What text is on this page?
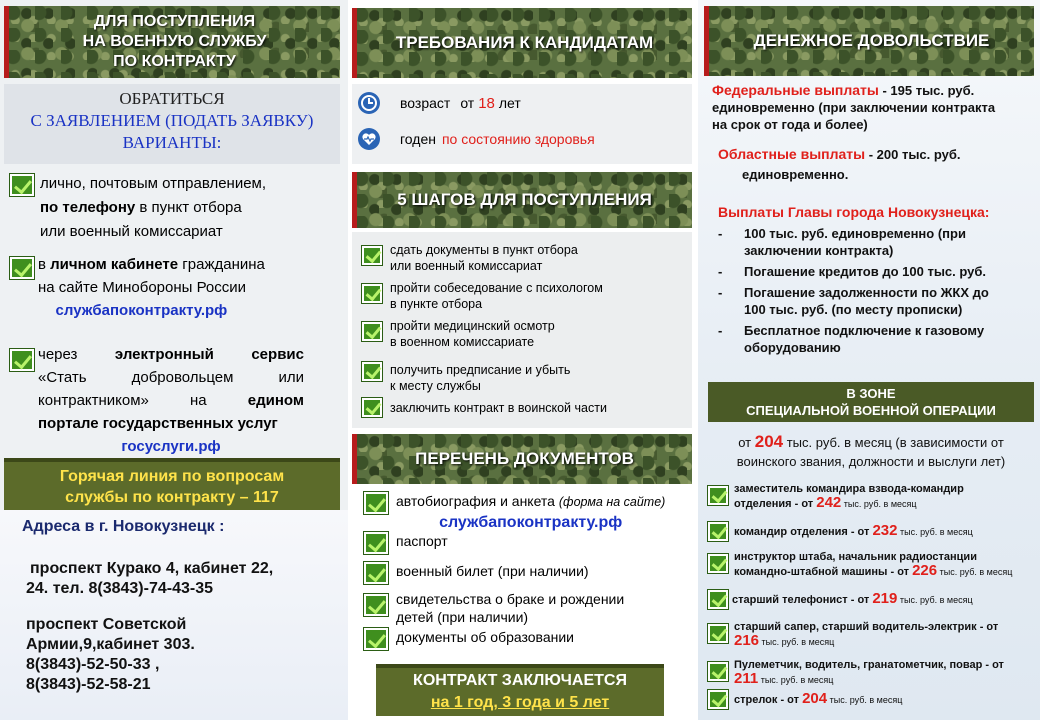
ДЛЯ ПОСТУПЛЕНИЯ
НА ВОЕННУЮ СЛУЖБУ
ПО КОНТРАКТУ
ОБРАТИТЬСЯ
С ЗАЯВЛЕНИЕМ (ПОДАТЬ ЗАЯВКУ)
ВАРИАНТЫ:
лично, почтовым отправлением,
по телефону в пункт отбора
или военный комиссариат
в личном кабинете гражданина
на сайте Минобороны России
службапоконтракту.рф
через	электронный	сервис
«Стать	добровольцем	или
контрактником»	на	едином
портале государственных услуг
госуслуги.рф
Горячая линия по вопросам
службы по контракту – 117
Адреса в г. Новокузнецк :
проспект Курако 4, кабинет 22,
24. тел. 8(3843)-74-43-35
проспект Советской
Армии,9,кабинет 303.
8(3843)-52-50-33 ,
8(3843)-52-58-21
ТРЕБОВАНИЯ К КАНДИДАТАМ
возраст от 18 лет
годен по состоянию здоровья
5 ШАГОВ ДЛЯ ПОСТУПЛЕНИЯ
сдать документы в пункт отбора
или военный комиссариат
пройти собеседование с психологом
в пункте отбора
пройти медицинский осмотр
в военном комиссариате
получить предписание и убыть
к месту службы
заключить контракт в воинской части
ПЕРЕЧЕНЬ ДОКУМЕНТОВ
автобиография и анкета (форма на сайте)
службапоконтракту.рф
паспорт
военный билет (при наличии)
свидетельства о браке и рождении
детей (при наличии)
документы об образовании
КОНТРАКТ ЗАКЛЮЧАЕТСЯ
на 1 год, 3 года и 5 лет
ДЕНЕЖНОЕ ДОВОЛЬСТВИЕ
Федеральные выплаты - 195 тыс. руб.
единовременно (при заключении контракта
на срок от года и более)
Областные выплаты - 200 тыс. руб.
единовременно.
Выплаты Главы города Новокузнецка:
-	100 тыс. руб. единовременно (при
заключении контракта)
-	Погашение кредитов до 100 тыс. руб.
-	Погашение задолженности по ЖКХ до
100 тыс. руб. (по месту прописки)
-	Бесплатное подключение к газовому
оборудованию
В ЗОНЕ
СПЕЦИАЛЬНОЙ ВОЕННОЙ ОПЕРАЦИИ
от 204 тыс. руб. в месяц (в зависимости от
воинского звания, должности и выслуги лет)
заместитель командира взвода-командир
отделения - от 242 тыс. руб. в месяц
командир отделения - от 232 тыс. руб. в месяц
инструктор штаба, начальник радиостанции
командно-штабной машины - от 226 тыс. руб. в месяц
старший телефонист - от 219 тыс. руб. в месяц
старший сапер, старший водитель-электрик - от
216 тыс. руб. в месяц
Пулеметчик, водитель, гранатометчик, повар - от
211 тыс. руб. в месяц
стрелок - от 204 тыс. руб. в месяц
